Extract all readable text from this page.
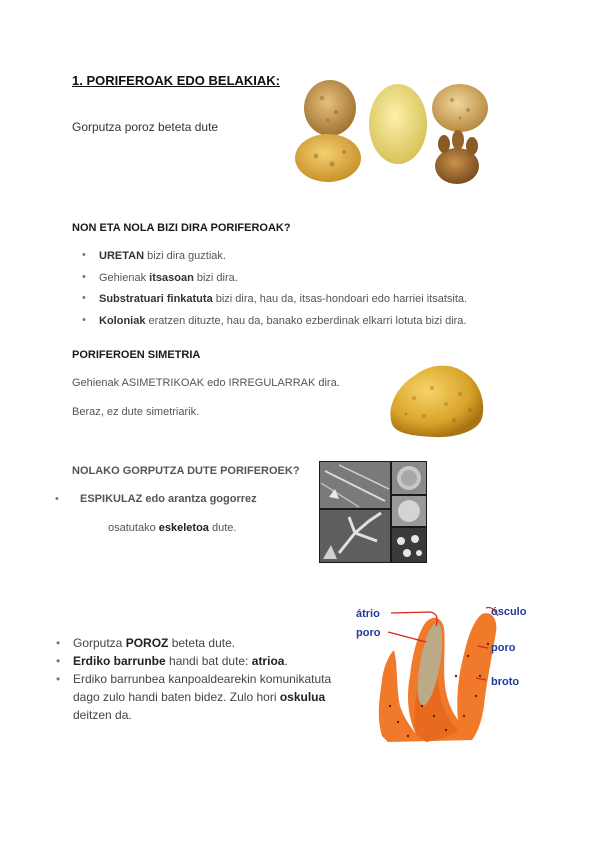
1. PORIFEROAK EDO BELAKIAK:
Gorputza poroz beteta dute
NON ETA NOLA BIZI DIRA PORIFEROAK?
• URETAN bizi dira guztiak.
• Gehienak itsasoan bizi dira.
• Substratuari finkatuta bizi dira, hau da, itsas-hondoari edo harriei itsatsita.
• Koloniak eratzen dituzte, hau da, banako ezberdinak elkarri lotuta bizi dira.
PORIFEROEN SIMETRIA
Gehienak ASIMETRIKOAK edo IRREGULARRAK dira.
Beraz, ez dute simetriarik.
NOLAKO GORPUTZA DUTE PORIFEROEK?
• ESPIKULAZ edo arantza gogorrez
osatutako eskeletoa dute.
• Gorputza POROZ beteta dute.
• Erdiko barrunbe handi bat dute: atrioa.
• Erdiko barrunbea kanpoaldearekin komunikatuta dago zulo handi baten bidez. Zulo hori oskulua deitzen da.
átrio
poro
ósculo
poro
broto
